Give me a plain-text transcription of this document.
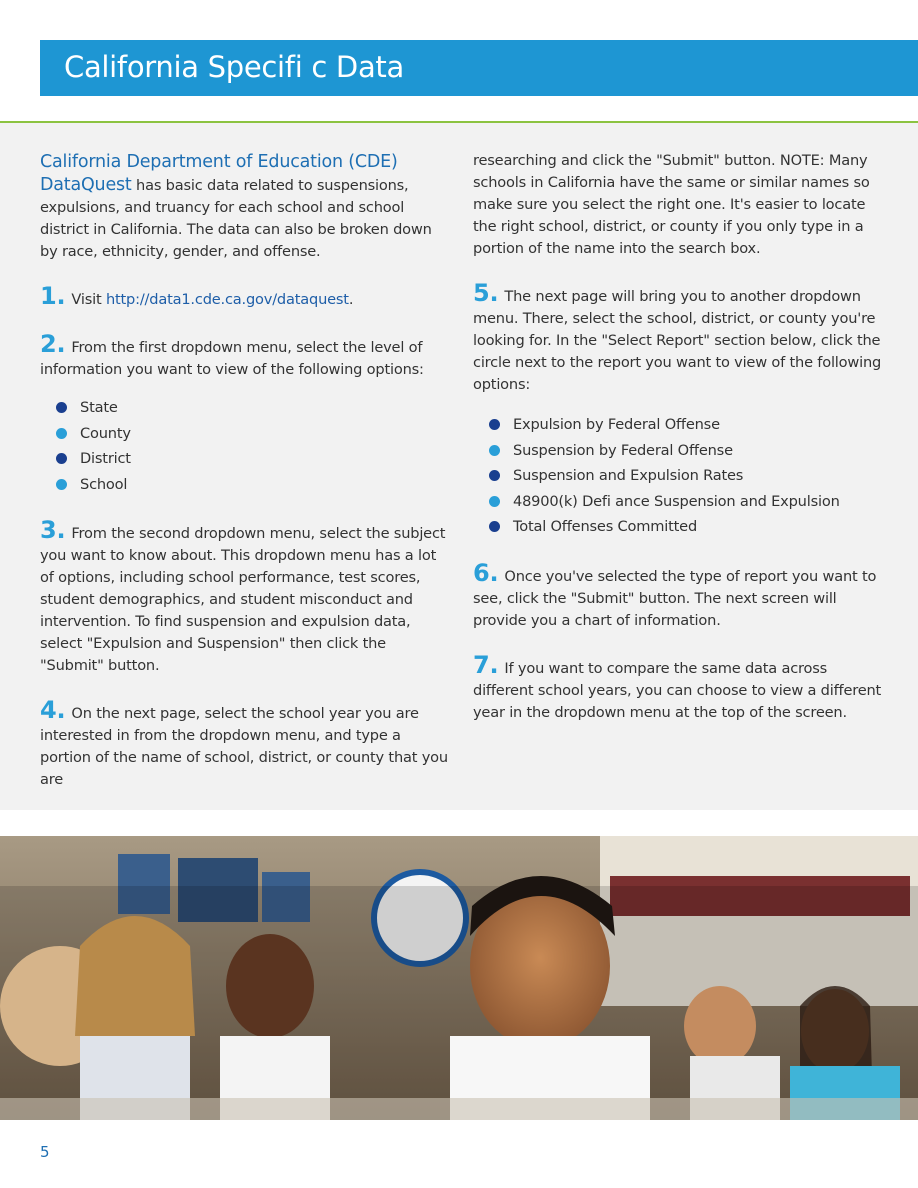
California Specifi c Data

California Department of Education (CDE)

DataQuest has basic data related to suspensions, expulsions, and truancy for each school and school district in California. The data can also be broken down by race, ethnicity, gender, and offense.

1. Visit http://data1.cde.ca.gov/dataquest.

2. From the first dropdown menu, select the level of information you want to view of the following options:

State
County
District
School

3. From the second dropdown menu, select the subject you want to know about. This dropdown menu has a lot of options, including school performance, test scores, student demographics, and student misconduct and intervention. To find suspension and expulsion data, select "Expulsion and Suspension" then click the "Submit" button.

4. On the next page, select the school year you are interested in from the dropdown menu, and type a portion of the name of school, district, or county that you are

researching and click the "Submit" button. NOTE: Many schools in California have the same or similar names so make sure you select the right one. It's easier to locate the right school, district, or county if you only type in a portion of the name into the search box.

5. The next page will bring you to another dropdown menu. There, select the school, district, or county you're looking for. In the "Select Report" section below, click the circle next to the report you want to view of the following options:

Expulsion by Federal Offense
Suspension by Federal Offense
Suspension and Expulsion Rates
48900(k) Defi ance Suspension and Expulsion
Total Offenses Committed

6. Once you've selected the type of report you want to see, click the "Submit" button. The next screen will provide you a chart of information.

7. If you want to compare the same data across different school years, you can choose to view a different year in the dropdown menu at the top of the screen.

5
